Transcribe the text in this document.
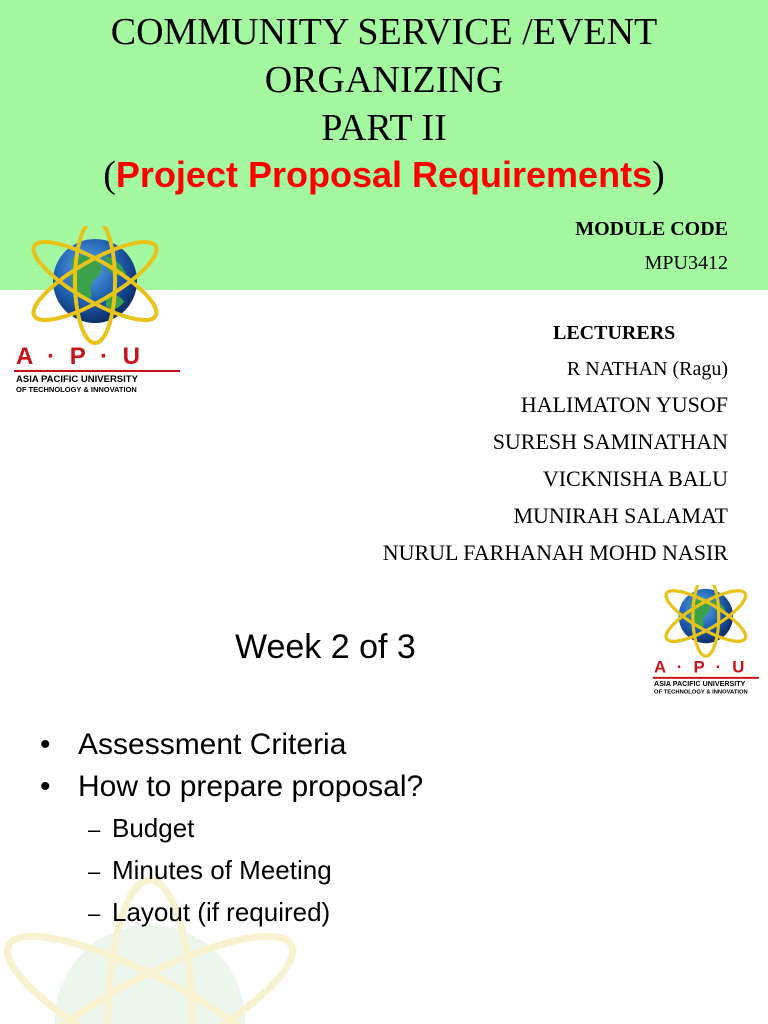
COMMUNITY SERVICE /EVENT
ORGANIZING
PART II
(Project Proposal Requirements)
MODULE CODE
MPU3412
A · P · U
ASIA PACIFIC UNIVERSITY
OF TECHNOLOGY & INNOVATION
LECTURERS
R NATHAN (Ragu)
HALIMATON YUSOF
SURESH SAMINATHAN
VICKNISHA BALU
MUNIRAH SALAMAT
NURUL FARHANAH MOHD NASIR
A · P · U
ASIA PACIFIC UNIVERSITY
OF TECHNOLOGY & INNOVATION
Week 2 of 3
• Assessment Criteria
• How to prepare proposal?
– Budget
– Minutes of Meeting
– Layout (if required)
